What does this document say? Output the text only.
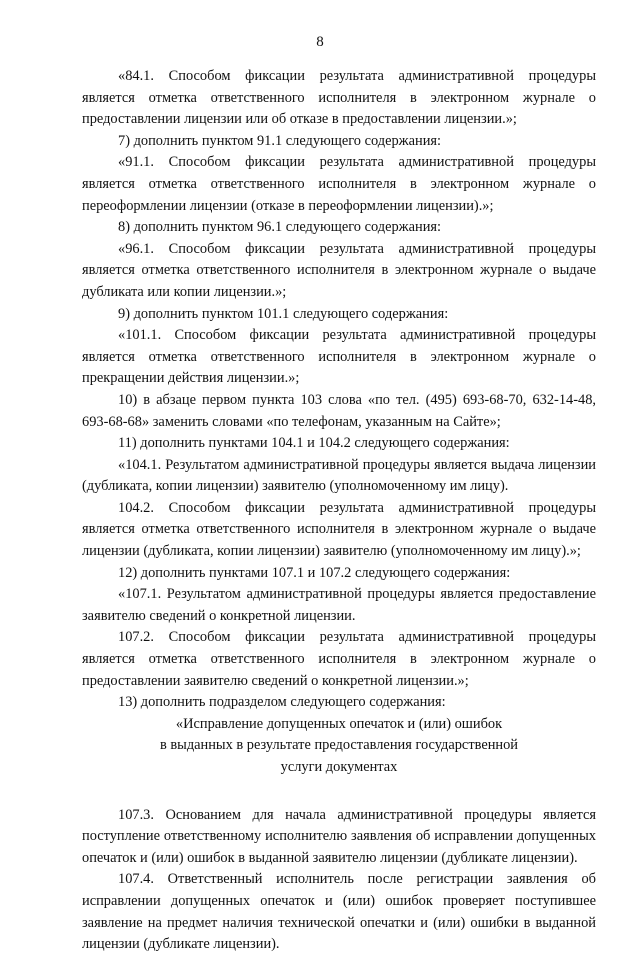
8

«84.1. Способом фиксации результата административной процедуры является отметка ответственного исполнителя в электронном журнале о предоставлении лицензии или об отказе в предоставлении лицензии.»;

7) дополнить пунктом 91.1 следующего содержания:

«91.1. Способом фиксации результата административной процедуры является отметка ответственного исполнителя в электронном журнале о переоформлении лицензии (отказе в переоформлении лицензии).»;

8) дополнить пунктом 96.1 следующего содержания:

«96.1. Способом фиксации результата административной процедуры является отметка ответственного исполнителя в электронном журнале о выдаче дубликата или копии лицензии.»;

9) дополнить пунктом 101.1 следующего содержания:

«101.1. Способом фиксации результата административной процедуры является отметка ответственного исполнителя в электронном журнале о прекращении действия лицензии.»;

10) в абзаце первом пункта 103 слова «по тел. (495) 693-68-70, 632-14-48, 693-68-68» заменить словами «по телефонам, указанным на Сайте»;

11) дополнить пунктами 104.1 и 104.2 следующего содержания:

«104.1. Результатом административной процедуры является выдача лицензии (дубликата, копии лицензии) заявителю (уполномоченному им лицу).

104.2. Способом фиксации результата административной процедуры является отметка ответственного исполнителя в электронном журнале о выдаче лицензии (дубликата, копии лицензии) заявителю (уполномоченному им лицу).»;

12) дополнить пунктами 107.1 и 107.2 следующего содержания:

«107.1. Результатом административной процедуры является предоставление заявителю сведений о конкретной лицензии.

107.2. Способом фиксации результата административной процедуры является отметка ответственного исполнителя в электронном журнале о предоставлении заявителю сведений о конкретной лицензии.»;

13) дополнить подразделом следующего содержания:

«Исправление допущенных опечаток и (или) ошибок

в выданных в результате предоставления государственной

услуги документах

107.3. Основанием для начала административной процедуры является поступление ответственному исполнителю заявления об исправлении допущенных опечаток и (или) ошибок в выданной заявителю лицензии (дубликате лицензии).

107.4. Ответственный исполнитель после регистрации заявления об исправлении допущенных опечаток и (или) ошибок проверяет поступившее заявление на предмет наличия технической опечатки и (или) ошибки в выданной лицензии (дубликате лицензии).
